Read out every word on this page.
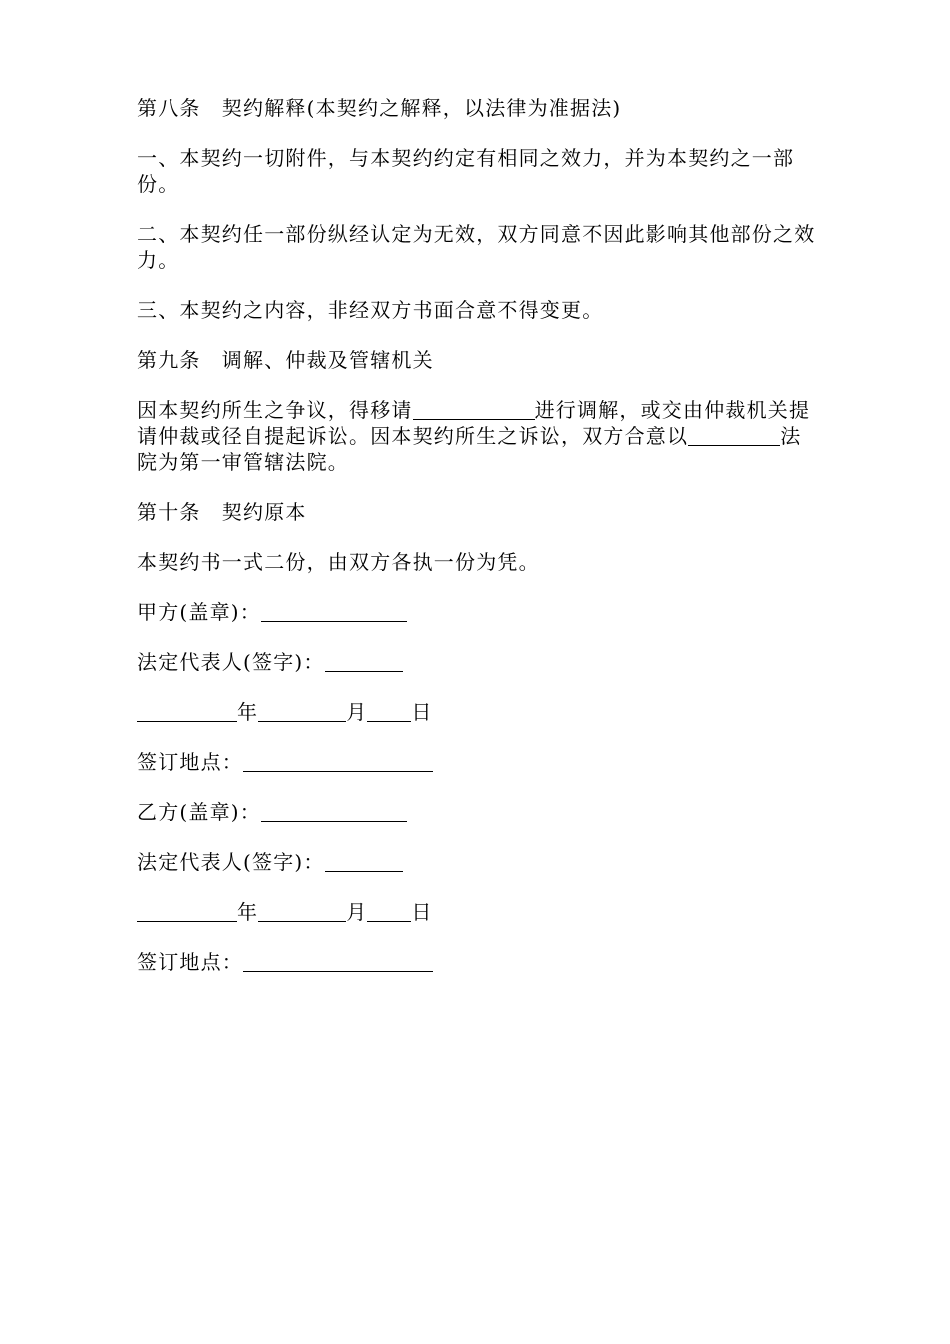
第八条　契约解释(本契约之解释，以法律为准据法)

一、本契约一切附件，与本契约约定有相同之效力，并为本契约之一部份。

二、本契约任一部份纵经认定为无效，双方同意不因此影响其他部份之效力。

三、本契约之内容，非经双方书面合意不得变更。

第九条　调解、仲裁及管辖机关

因本契约所生之争议，得移请	进行调解，或交由仲裁机关提请仲裁或径自提起诉讼。因本契约所生之诉讼，双方合意以	法院为第一审管辖法院。

第十条　契约原本

本契约书一式二份，由双方各执一份为凭。

甲方(盖章)：

法定代表人(签字)：

年	月 日

签订地点：

乙方(盖章)：

法定代表人(签字)：

年	月 日

签订地点：
